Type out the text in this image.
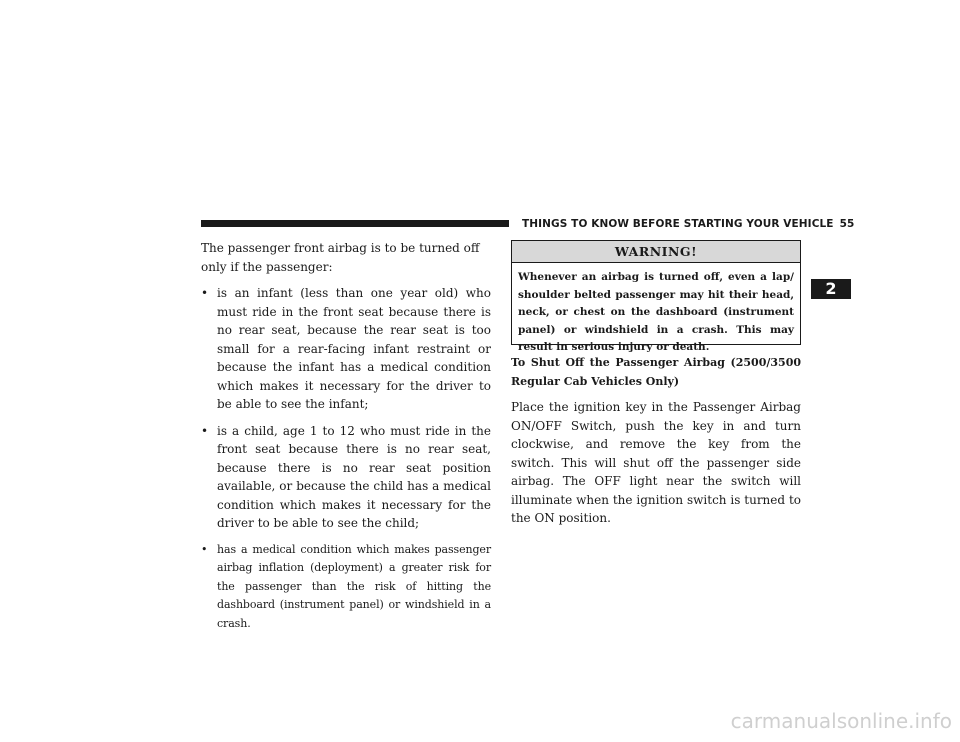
THINGS TO KNOW BEFORE STARTING YOUR VEHICLE 55

The passenger front airbag is to be turned off only if the passenger:

• is an infant (less than one year old) who must ride in the front seat because there is no rear seat, because the rear seat is too small for a rear-facing infant restraint or because the infant has a medical condition which makes it necessary for the driver to be able to see the infant;
• is a child, age 1 to 12 who must ride in the front seat because there is no rear seat, because there is no rear seat position available, or because the child has a medical condition which makes it necessary for the driver to be able to see the child;
• has a medical condition which makes passenger airbag inflation (deployment) a greater risk for the passenger than the risk of hitting the dashboard (instrument panel) or windshield in a crash.
WARNING!
Whenever an airbag is turned off, even a lap/ shoulder belted passenger may hit their head, neck, or chest on the dashboard (instrument panel) or windshield in a crash. This may result in serious injury or death.

To Shut Off the Passenger Airbag (2500/3500 Regular Cab Vehicles Only)

Place the ignition key in the Passenger Airbag ON/OFF Switch, push the key in and turn clockwise, and remove the key from the switch. This will shut off the passenger side airbag. The OFF light near the switch will illuminate when the ignition switch is turned to the ON position.

2
carmanualsonline.info
